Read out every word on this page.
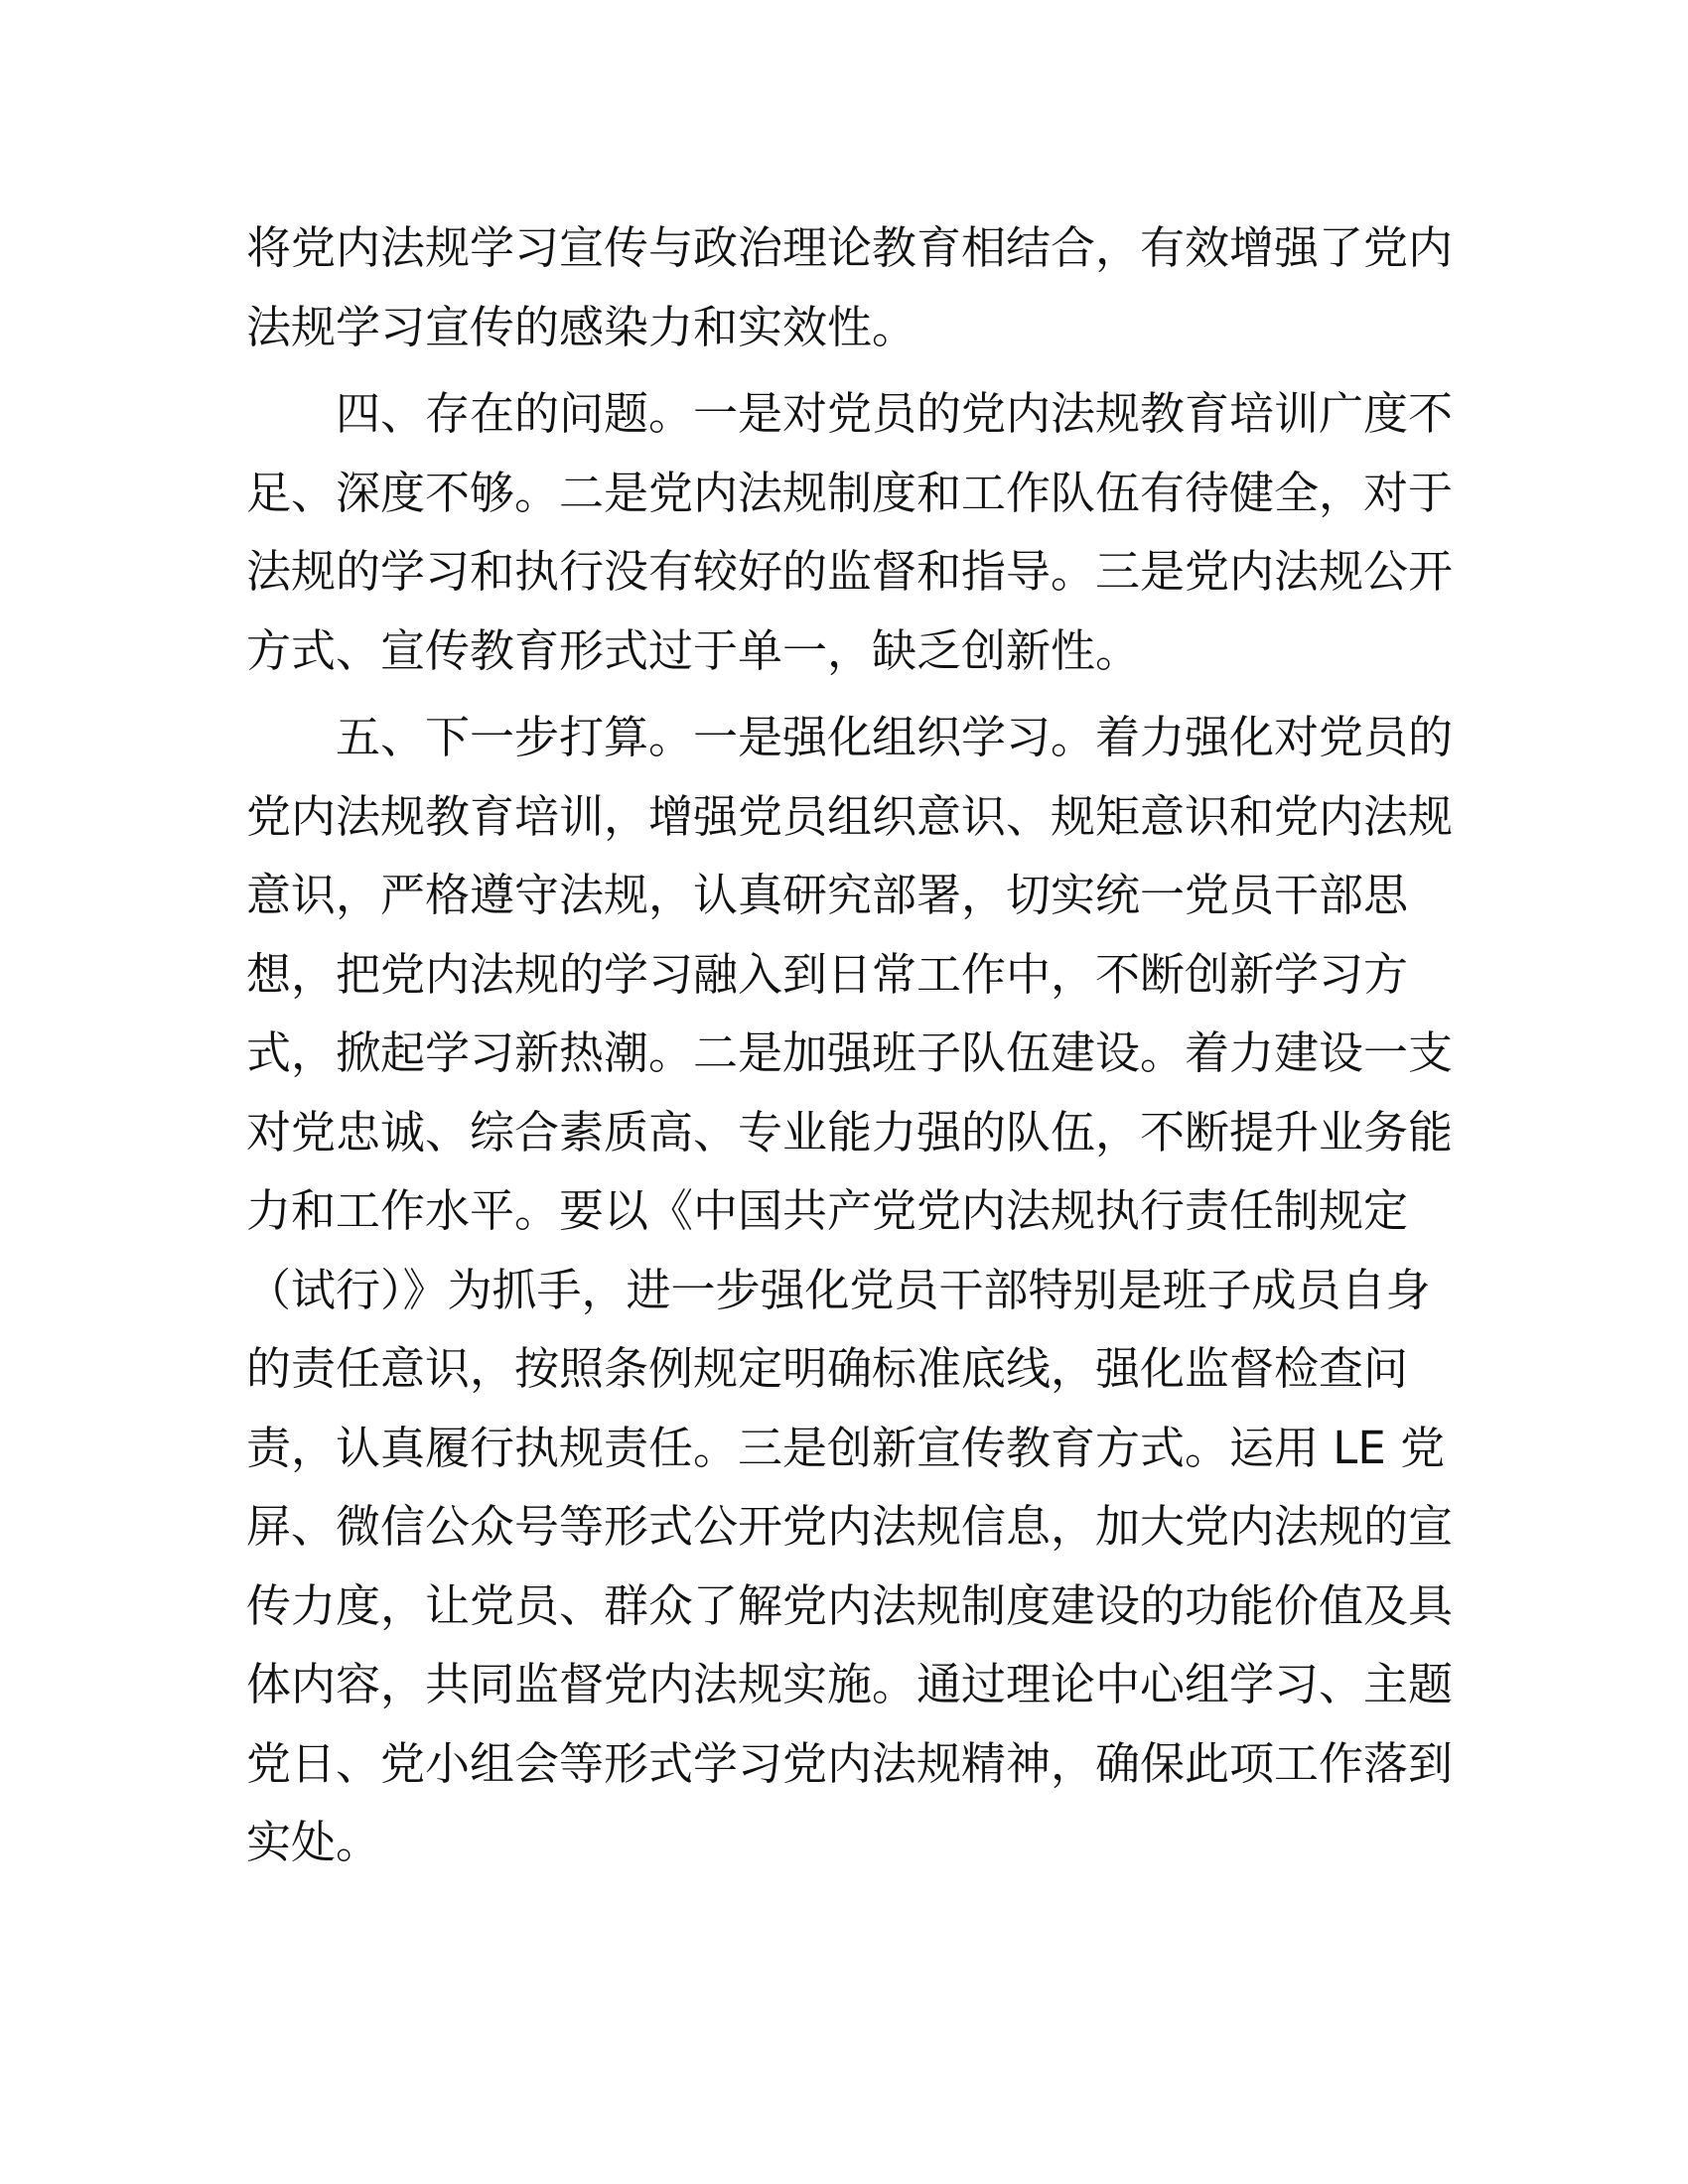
将党内法规学习宣传与政治理论教育相结合，有效增强了党内
法规学习宣传的感染力和实效性。
　　四、存在的问题。一是对党员的党内法规教育培训广度不
足、深度不够。二是党内法规制度和工作队伍有待健全，对于
法规的学习和执行没有较好的监督和指导。三是党内法规公开
方式、宣传教育形式过于单一，缺乏创新性。
　　五、下一步打算。一是强化组织学习。着力强化对党员的
党内法规教育培训，增强党员组织意识、规矩意识和党内法规
意识，严格遵守法规，认真研究部署，切实统一党员干部思
想，把党内法规的学习融入到日常工作中，不断创新学习方
式，掀起学习新热潮。二是加强班子队伍建设。着力建设一支
对党忠诚、综合素质高、专业能力强的队伍，不断提升业务能
力和工作水平。要以《中国共产党党内法规执行责任制规定
（试行）》为抓手，进一步强化党员干部特别是班子成员自身
的责任意识，按照条例规定明确标准底线，强化监督检查问
责，认真履行执规责任。三是创新宣传教育方式。运用 LE 党
屏、微信公众号等形式公开党内法规信息，加大党内法规的宣
传力度，让党员、群众了解党内法规制度建设的功能价值及具
体内容，共同监督党内法规实施。通过理论中心组学习、主题
党日、党小组会等形式学习党内法规精神，确保此项工作落到
实处。
